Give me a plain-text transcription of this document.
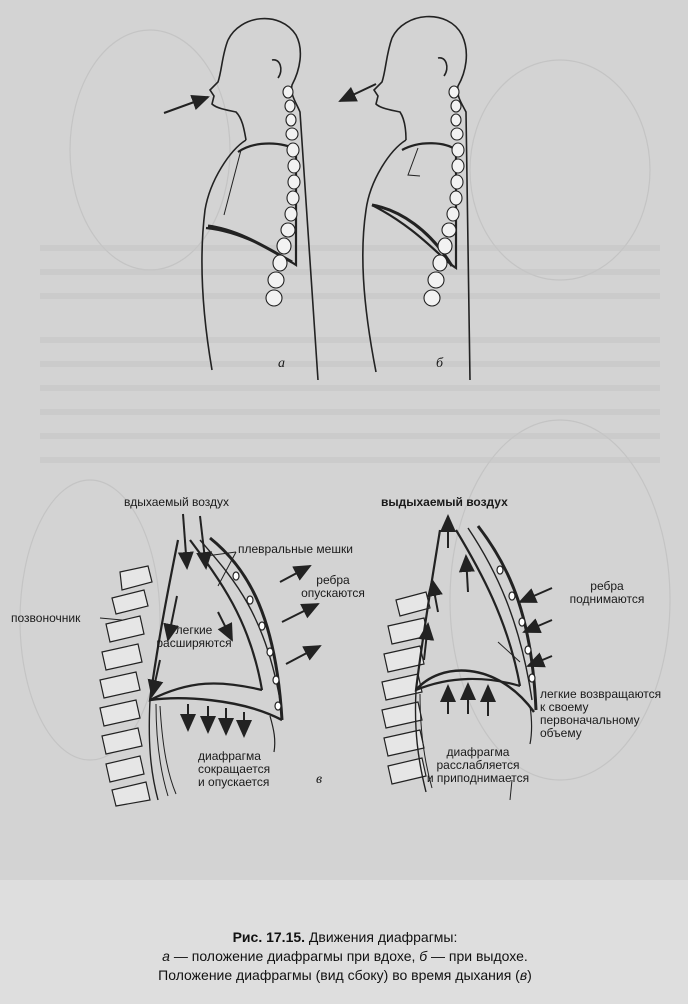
а	б
вдыхаемый воздух	выдыхаемый воздух
плевральные мешки
позвоночник
легкие
расширяются
ребра
опускаются
диафрагма
сокращается
и опускается	в
ребра
поднимаются
легкие возвращаются
к своему
первоначальному
объему
диафрагма
расслабляется
и приподнимается
Рис. 17.15. Движения диафрагмы:
а — положение диафрагмы при вдохе, б — при выдохе.
Положение диафрагмы (вид сбоку) во время дыхания (в)
